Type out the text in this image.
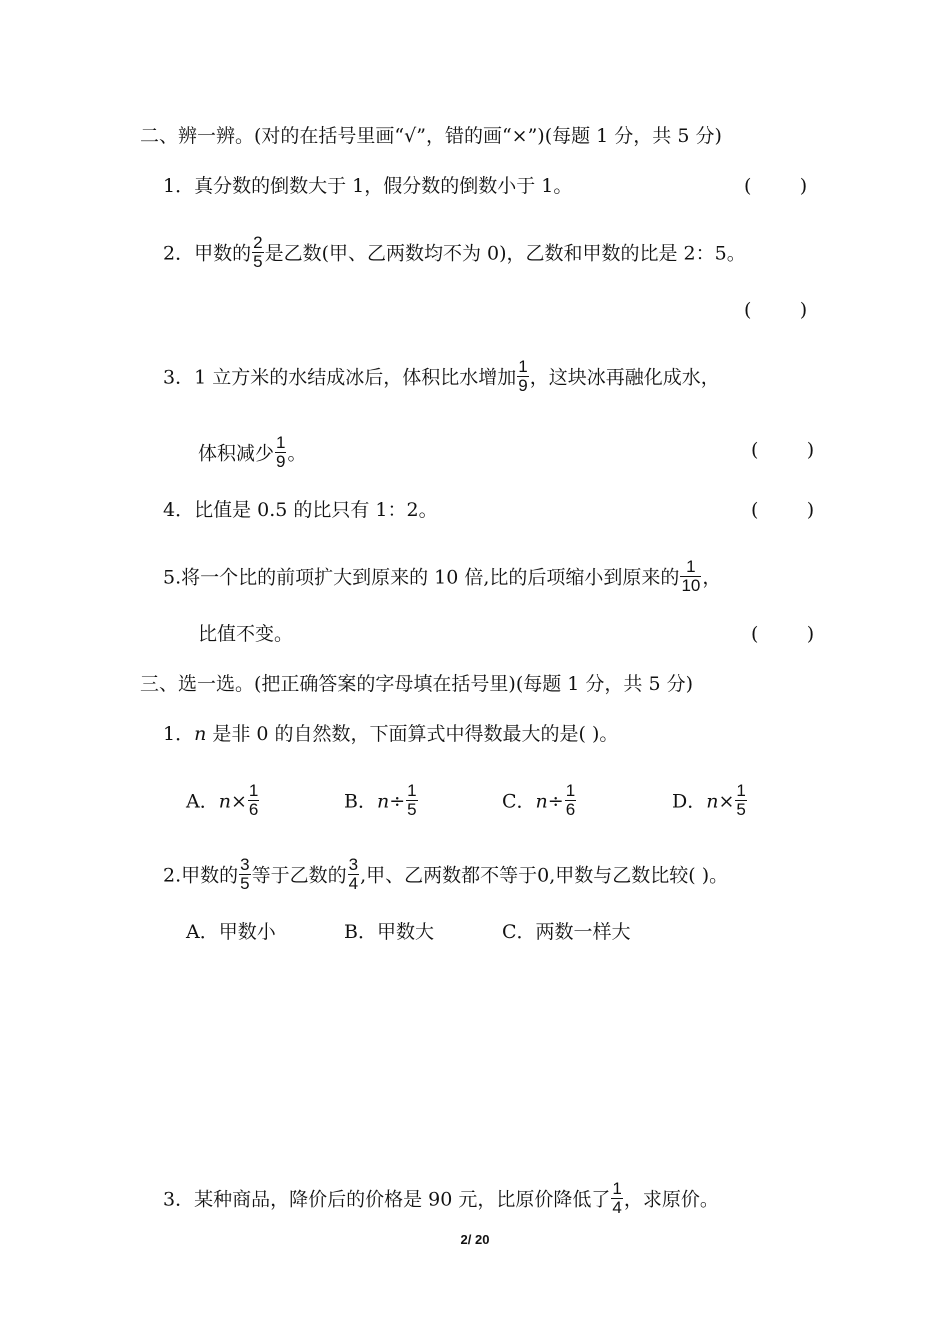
二、辨一辨。(对的在括号里画“√”，错的画“×”)(每题 1 分，共 5 分)
1．真分数的倒数大于 1，假分数的倒数小于 1。	(        )
2．甲数的 $\frac{2}{5}$ 是乙数(甲、乙两数均不为 0)，乙数和甲数的比是 2：5。
(        )
3．1 立方米的水结成冰后，体积比水增加 $\frac{1}{9}$ ，这块冰再融化成水，
体积减少 $\frac{1}{9}$ 。	(        )
4．比值是 0.5 的比只有 1：2。	(        )
5.将一个比的前项扩大到原来的 10 倍,比的后项缩小到原来的 $\frac{1}{10}$ ，
比值不变。	(        )
三、选一选。(把正确答案的字母填在括号里)(每题 1 分，共 5 分)
1．n 是非 0 的自然数，下面算式中得数最大的是( )。
A．$n\times \frac{1}{6}$	B．$n\div \frac{1}{5}$	C．$n\div \frac{1}{6}$	D．$n\times \frac{1}{5}$
2.甲数的 $\frac{3}{5}$ 等于乙数的 $\frac{3}{4}$ ,甲、乙两数都不等于0,甲数与乙数比较( )。
A．甲数小	B．甲数大	C．两数一样大
3．某种商品，降价后的价格是 90 元，比原价降低了 $\frac{1}{4}$ ，求原价。
2/ 20
